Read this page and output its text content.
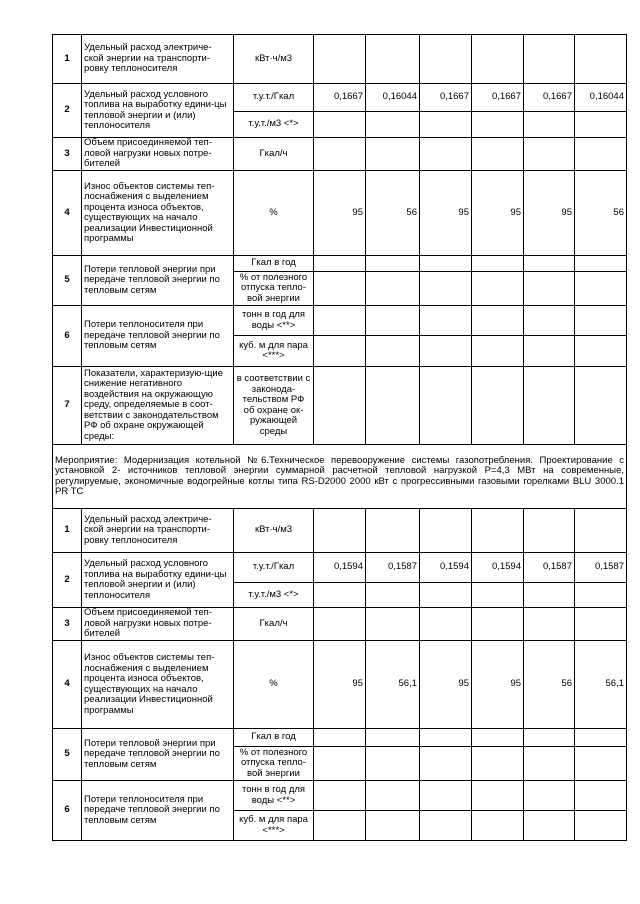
1	Удельный расход электриче-ской энергии на транспорти-ровку теплоносителя	кВт·ч/м3						
2	Удельный расход условного топлива на выработку едини-цы тепловой энергии и (или) теплоносителя	т.у.т./Гкал	0,1667	0,16044	0,1667	0,1667	0,1667	0,16044
		т.у.т./м3 <*>						
3	Объем присоединяемой теп-ловой нагрузки новых потре-бителей	Гкал/ч						
4	Износ объектов системы теп-лоснабжения с выделением процента износа объектов, существующих на начало реализации Инвестиционной программы	%	95	56	95	95	95	56
5	Потери тепловой энергии при передаче тепловой энергии по тепловым сетям	Гкал в год						
		% от полезного отпуска тепло-вой энергии						
6	Потери теплоносителя при передаче тепловой энергии по тепловым сетям	тонн в год для воды <**>						
		куб. м для пара <***>						
7	Показатели, характеризую-щие снижение негативного воздействия на окружающую среду, определяемые в соот-ветствии с законодательством РФ об охране окружающей среды:	в соответствии с законода-тельством РФ об охране ок-ружающей среды						
Мероприятие: Модернизация котельной №6.Техническое перевооружение системы газопотребления. Проектирование с установкой 2- источников тепловой энергии суммарной расчетной тепловой нагрузкой Р=4,3 МВт на современные, регулируемые, экономичные водогрейные котлы типа RS-D2000 2000 кВт с прогрессивными газовыми горелками BLU 3000.1 PR TC								
1	Удельный расход электриче-ской энергии на транспорти-ровку теплоносителя	кВт·ч/м3						
2	Удельный расход условного топлива на выработку едини-цы тепловой энергии и (или) теплоносителя	т.у.т./Гкал	0,1594	0,1587	0,1594	0,1594	0,1587	0,1587
		т.у.т./м3 <*>						
3	Объем присоединяемой теп-ловой нагрузки новых потре-бителей	Гкал/ч						
4	Износ объектов системы теп-лоснабжения с выделением процента износа объектов, существующих на начало реализации Инвестиционной программы	%	95	56,1	95	95	56	56,1
5	Потери тепловой энергии при передаче тепловой энергии по тепловым сетям	Гкал в год						
		% от полезного отпуска тепло-вой энергии						
6	Потери теплоносителя при передаче тепловой энергии по тепловым сетям	тонн в год для воды <**>						
		куб. м для пара <***>						
